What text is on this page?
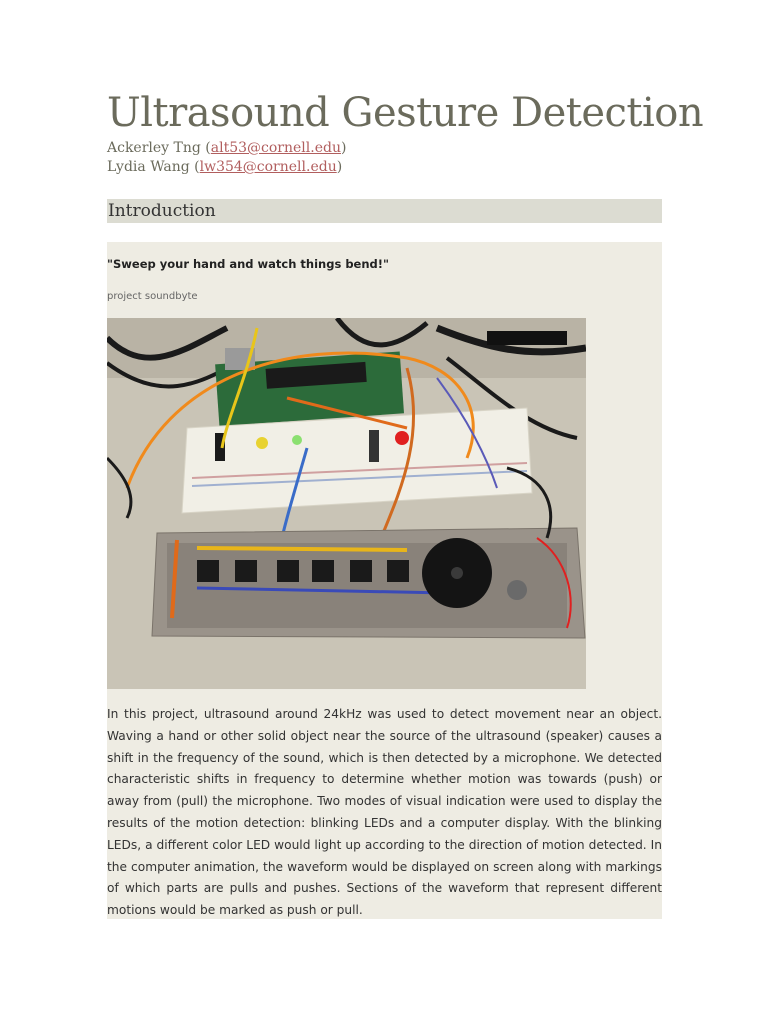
Ultrasound Gesture Detection
Ackerley Tng (alt53@cornell.edu)
Lydia Wang (lw354@cornell.edu)
Introduction
"Sweep your hand and watch things bend!"
project soundbyte

In this project, ultrasound around 24kHz was used to detect movement near an object. Waving a hand or other solid object near the source of the ultrasound (speaker) causes a shift in the frequency of the sound, which is then detected by a microphone. We detected characteristic shifts in frequency to determine whether motion was towards (push) or away from (pull) the microphone. Two modes of visual indication were used to display the results of the motion detection: blinking LEDs and a computer display. With the blinking LEDs, a different color LED would light up according to the direction of motion detected. In the computer animation, the waveform would be displayed on screen along with markings of which parts are pulls and pushes. Sections of the waveform that represent different motions would be marked as push or pull.
